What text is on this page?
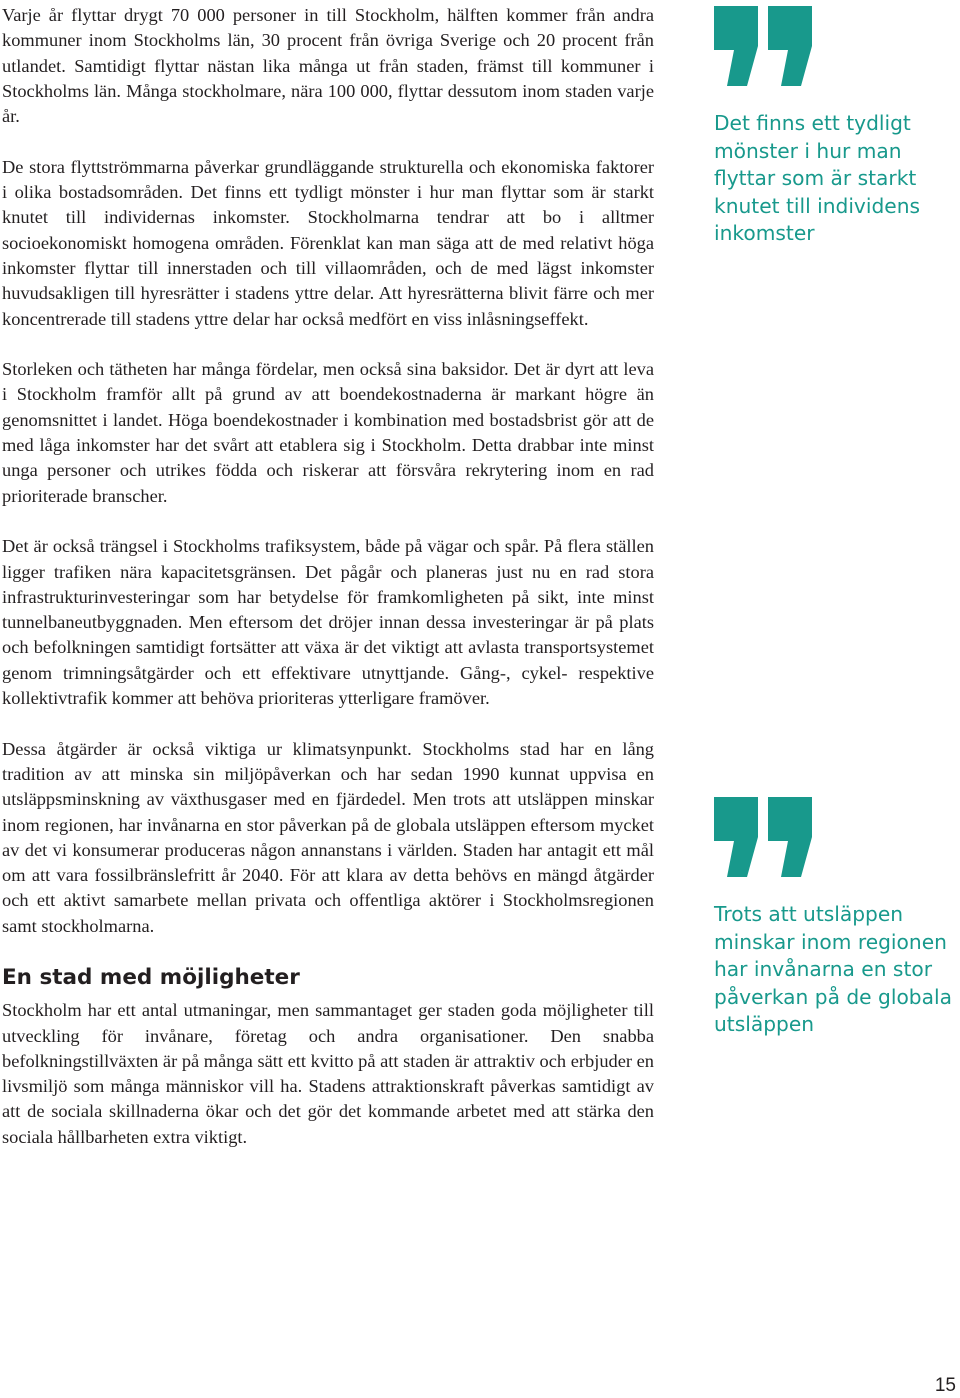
Varje år flyttar drygt 70 000 personer in till Stockholm, hälften kommer från andra kommuner inom Stockholms län, 30 procent från övriga Sverige och 20 procent från utlandet. Samtidigt flyttar nästan lika många ut från staden, främst till kommuner i Stockholms län. Många stockholmare, nära 100 000, flyttar dessutom inom staden varje år.

De stora flyttströmmarna påverkar grundläggande strukturella och ekonomiska faktorer i olika bostadsområden. Det finns ett tydligt mönster i hur man flyttar som är starkt knutet till individernas inkomster. Stockholmarna tendrar att bo i alltmer socioekonomiskt homogena områden. Förenklat kan man säga att de med relativt höga inkomster flyttar till innerstaden och till villaområden, och de med lägst inkomster huvudsakligen till hyresrätter i stadens yttre delar. Att hyresrätterna blivit färre och mer koncentrerade till stadens yttre delar har också medfört en viss inlåsningseffekt.

Storleken och tätheten har många fördelar, men också sina baksidor. Det är dyrt att leva i Stockholm framför allt på grund av att boendekostnaderna är markant högre än genomsnittet i landet. Höga boendekostnader i kombination med bostadsbrist gör att de med låga inkomster har det svårt att etablera sig i Stockholm. Detta drabbar inte minst unga personer och utrikes födda och riskerar att försvåra rekrytering inom en rad prioriterade branscher.

Det är också trängsel i Stockholms trafiksystem, både på vägar och spår. På flera ställen ligger trafiken nära kapacitetsgränsen. Det pågår och planeras just nu en rad stora infrastrukturinvesteringar som har betydelse för framkomligheten på sikt, inte minst tunnelbaneutbyggnaden. Men eftersom det dröjer innan dessa investeringar är på plats och befolkningen samtidigt fortsätter att växa är det viktigt att avlasta transportsystemet genom trimningsåtgärder och ett effektivare utnyttjande. Gång-, cykel- respektive kollektivtrafik kommer att behöva prioriteras ytterligare framöver.

Dessa åtgärder är också viktiga ur klimatsynpunkt. Stockholms stad har en lång tradition av att minska sin miljöpåverkan och har sedan 1990 kunnat uppvisa en utsläppsminskning av växthusgaser med en fjärdedel. Men trots att utsläppen minskar inom regionen, har invånarna en stor påverkan på de globala utsläppen eftersom mycket av det vi konsumerar produceras någon annanstans i världen. Staden har antagit ett mål om att vara fossilbränslefritt år 2040. För att klara av detta behövs en mängd åtgärder och ett aktivt samarbete mellan privata och offentliga aktörer i Stockholmsregionen samt stockholmarna.

En stad med möjligheter

Stockholm har ett antal utmaningar, men sammantaget ger staden goda möjligheter till utveckling för invånare, företag och andra organisationer. Den snabba befolkningstillväxten är på många sätt ett kvitto på att staden är attraktiv och erbjuder en livsmiljö som många människor vill ha. Stadens attraktionskraft påverkas samtidigt av att de sociala skillnaderna ökar och det gör det kommande arbetet med att stärka den sociala hållbarheten extra viktigt.

Det finns ett tydligt mönster i hur man flyttar som är starkt knutet till individens inkomster
Trots att utsläppen minskar inom regionen har invånarna en stor påverkan på de globala utsläppen
15
